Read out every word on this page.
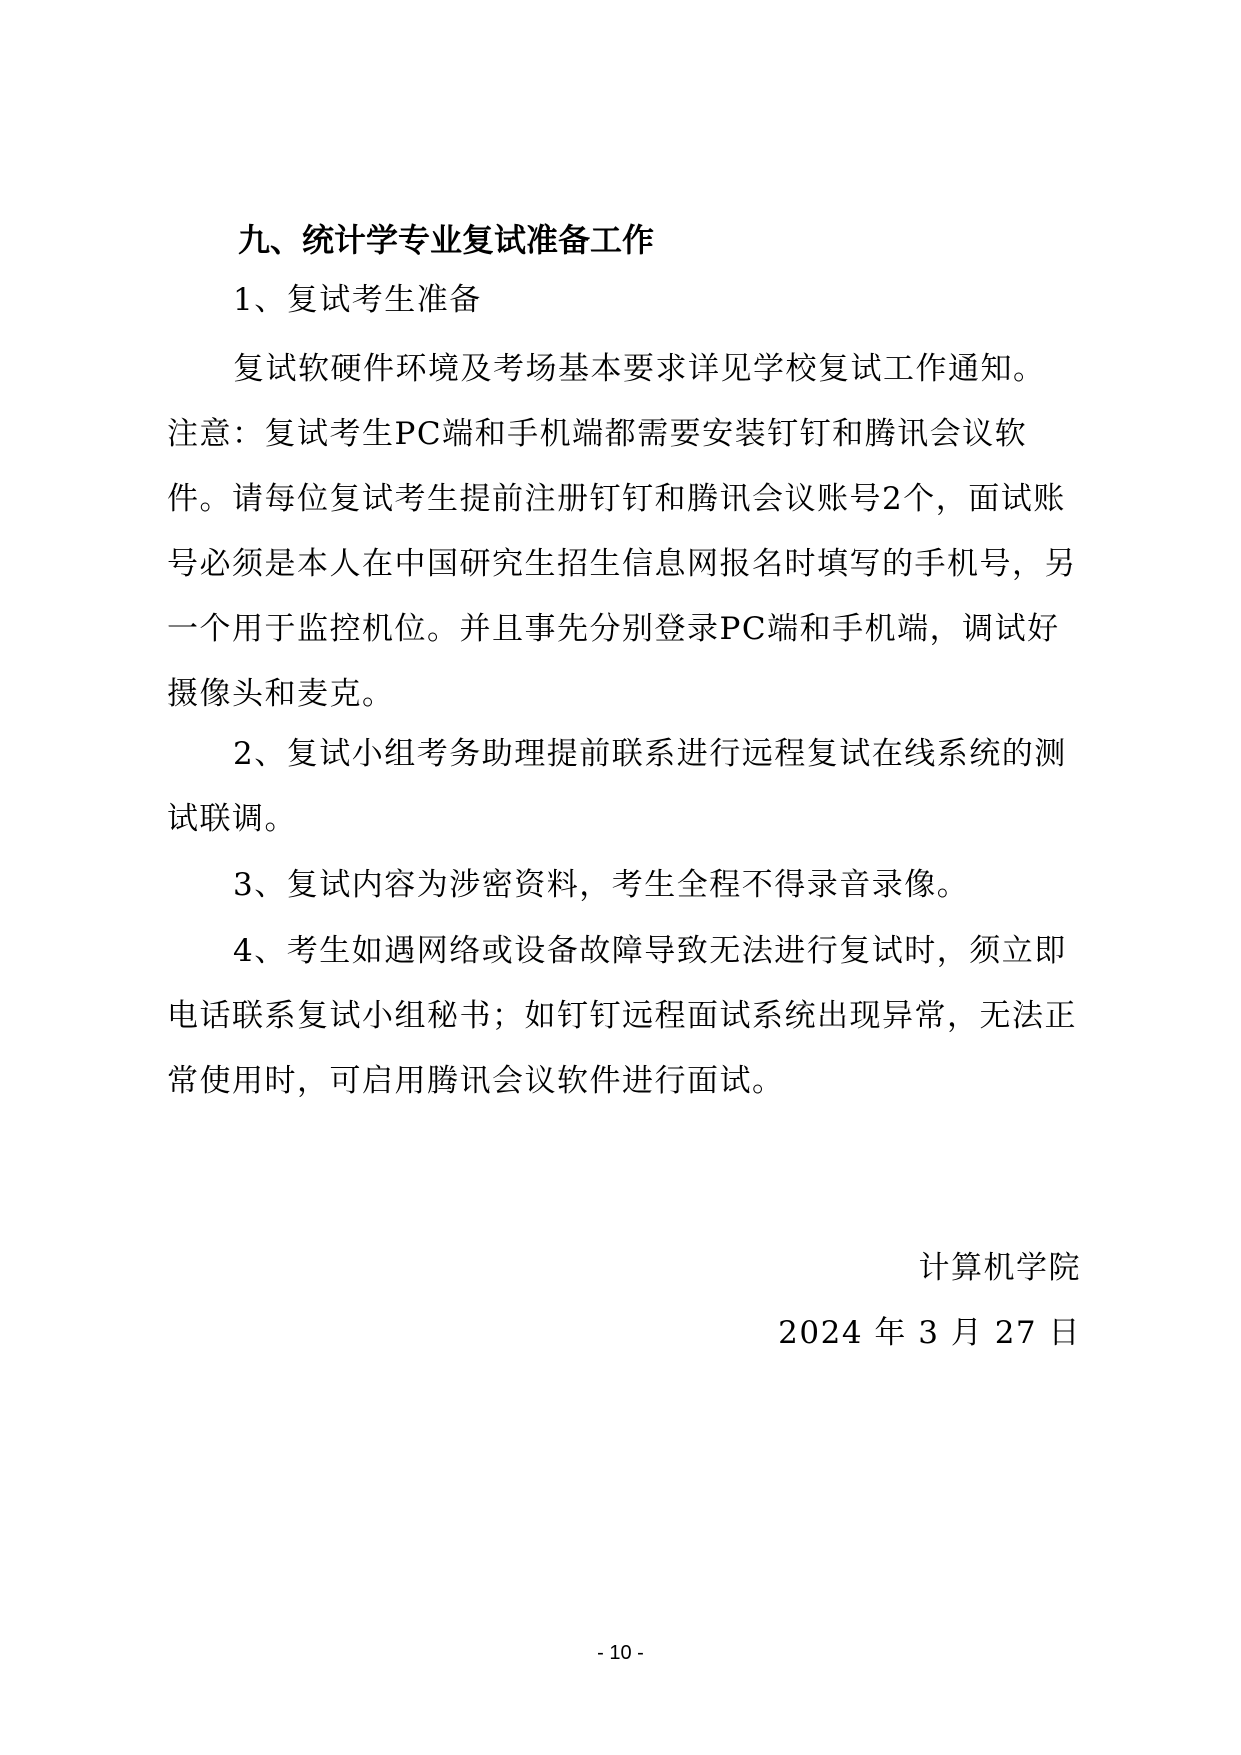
九、统计学专业复试准备工作

1、复试考生准备

复试软硬件环境及考场基本要求详见学校复试工作通知。注意：复试考生PC端和手机端都需要安装钉钉和腾讯会议软件。请每位复试考生提前注册钉钉和腾讯会议账号2个，面试账号必须是本人在中国研究生招生信息网报名时填写的手机号，另一个用于监控机位。并且事先分别登录PC端和手机端，调试好摄像头和麦克。

2、复试小组考务助理提前联系进行远程复试在线系统的测试联调。

3、复试内容为涉密资料，考生全程不得录音录像。

4、考生如遇网络或设备故障导致无法进行复试时，须立即电话联系复试小组秘书；如钉钉远程面试系统出现异常，无法正常使用时，可启用腾讯会议软件进行面试。

计算机学院
2024 年 3 月 27 日
- 10 -
